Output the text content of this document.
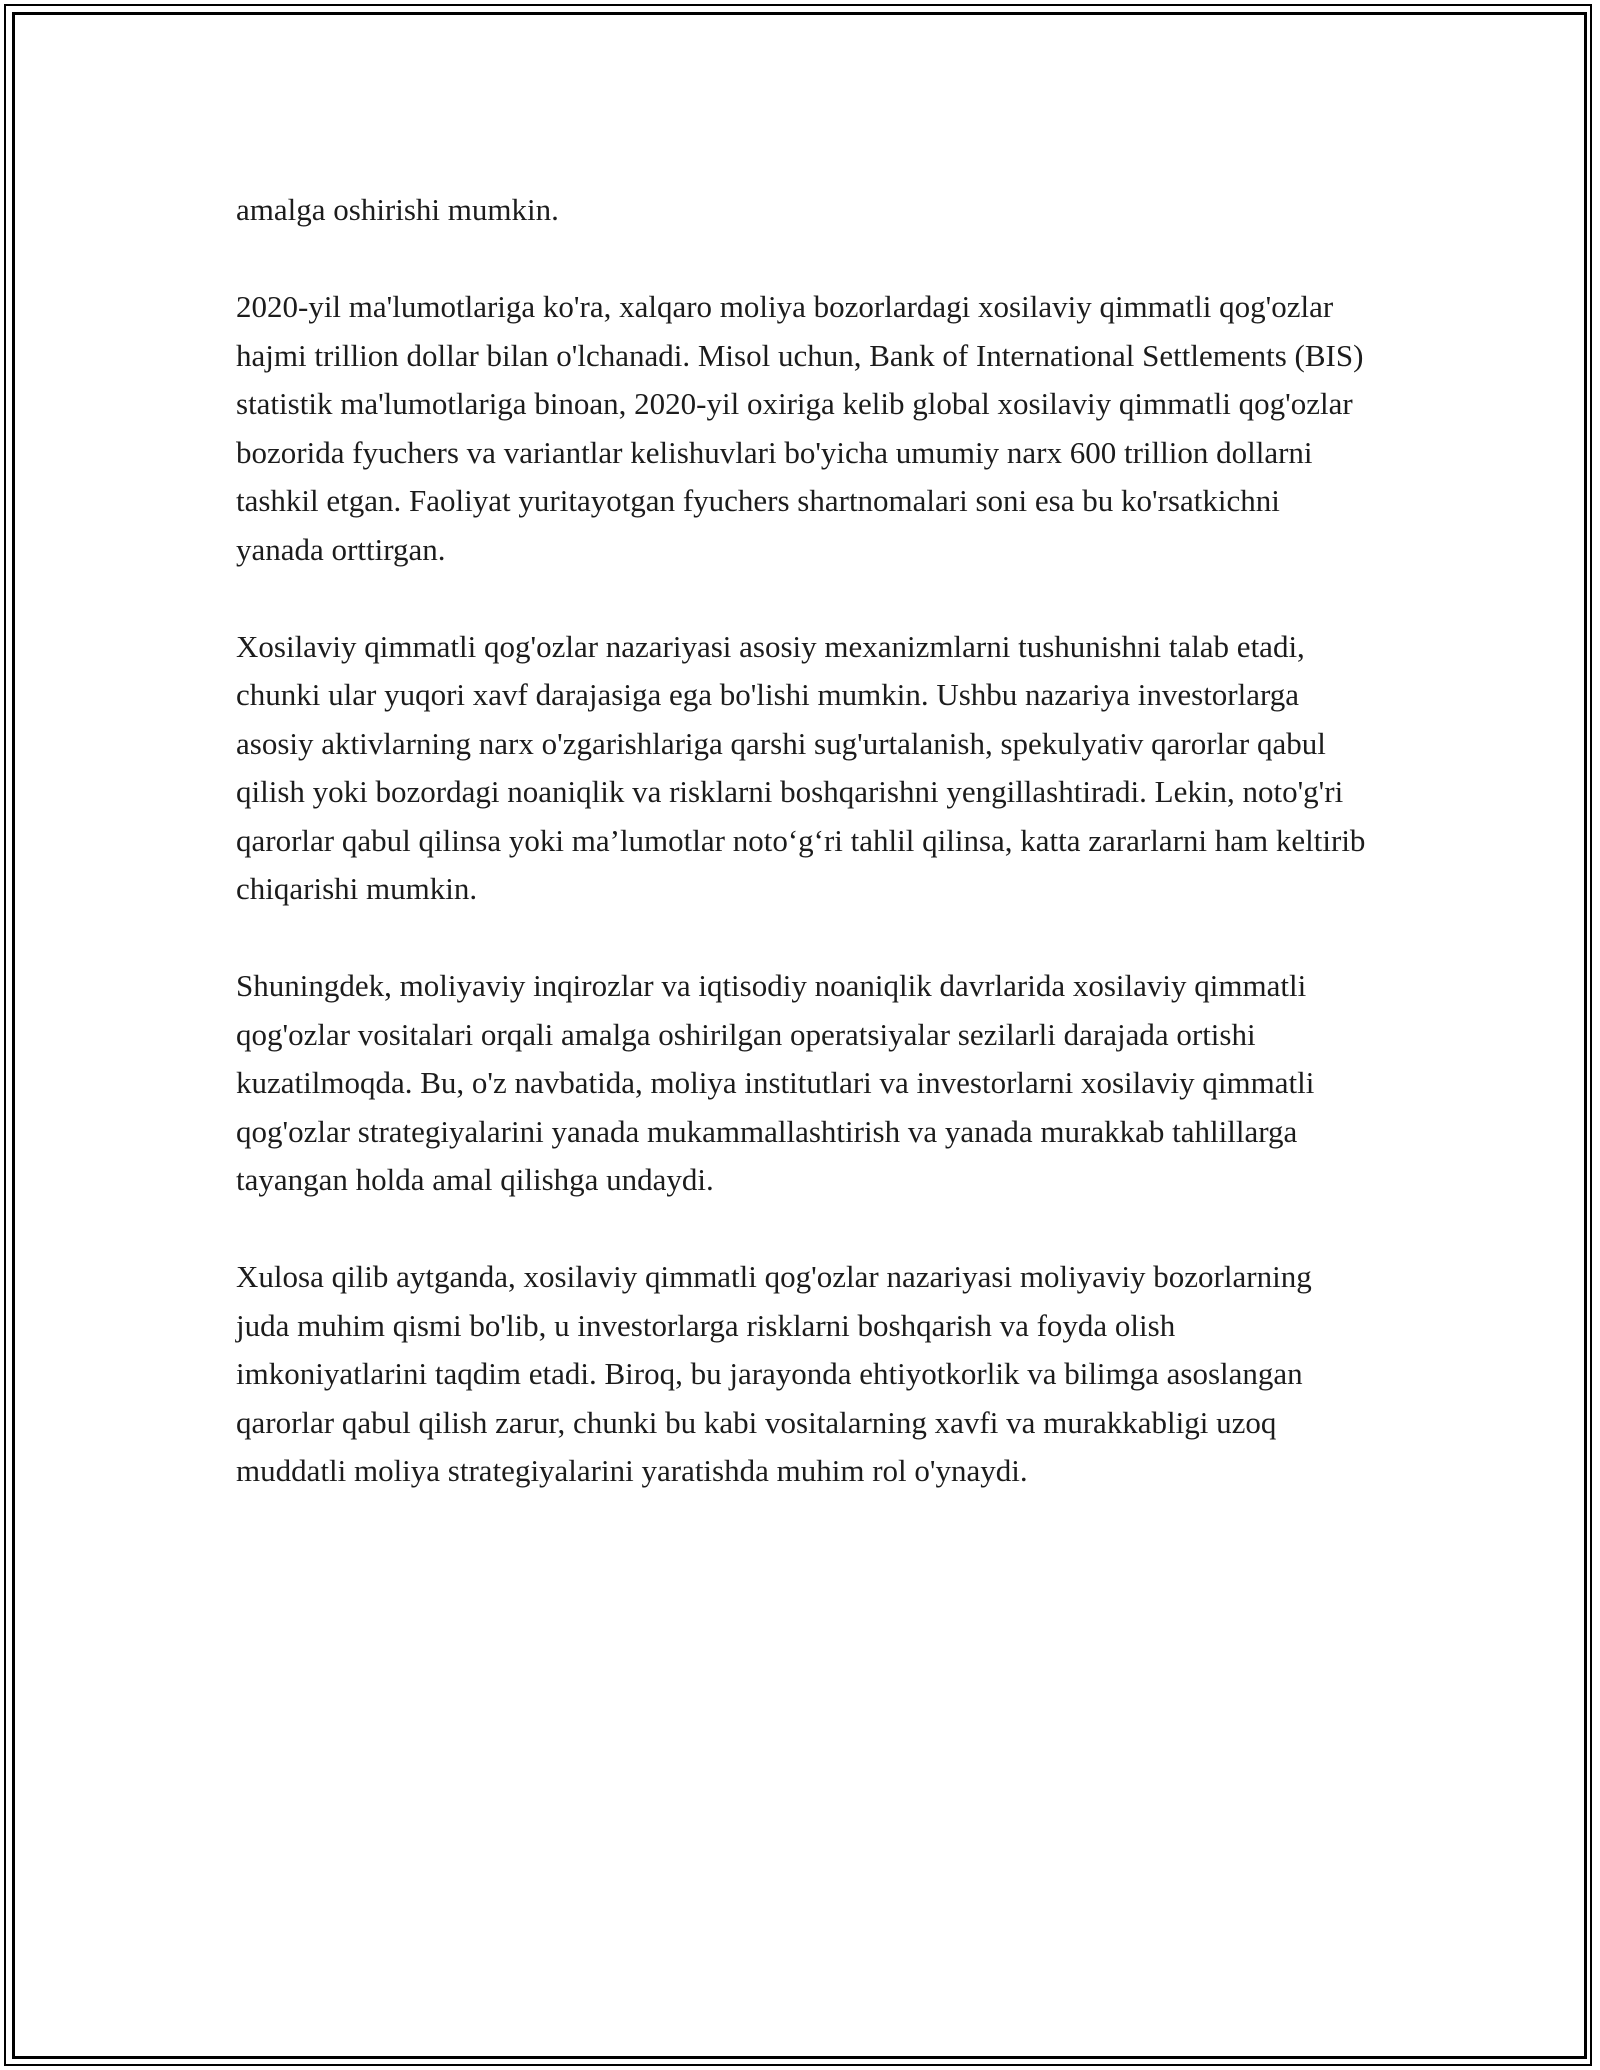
amalga oshirishi mumkin.

2020-yil ma'lumotlariga ko'ra, xalqaro moliya bozorlardagi xosilaviy qimmatli qog'ozlar hajmi trillion dollar bilan o'lchanadi. Misol uchun, Bank of International Settlements (BIS) statistik ma'lumotlariga binoan, 2020-yil oxiriga kelib global xosilaviy qimmatli qog'ozlar bozorida fyuchers va variantlar kelishuvlari bo'yicha umumiy narx 600 trillion dollarni tashkil etgan. Faoliyat yuritayotgan fyuchers shartnomalari soni esa bu ko'rsatkichni yanada orttirgan.

Xosilaviy qimmatli qog'ozlar nazariyasi asosiy mexanizmlarni tushunishni talab etadi, chunki ular yuqori xavf darajasiga ega bo'lishi mumkin. Ushbu nazariya investorlarga asosiy aktivlarning narx o'zgarishlariga qarshi sug'urtalanish, spekulyativ qarorlar qabul qilish yoki bozordagi noaniqlik va risklarni boshqarishni yengillashtiradi. Lekin, noto'g'ri qarorlar qabul qilinsa yoki ma’lumotlar noto‘g‘ri tahlil qilinsa, katta zararlarni ham keltirib chiqarishi mumkin.

Shuningdek, moliyaviy inqirozlar va iqtisodiy noaniqlik davrlarida xosilaviy qimmatli qog'ozlar vositalari orqali amalga oshirilgan operatsiyalar sezilarli darajada ortishi kuzatilmoqda. Bu, o'z navbatida, moliya institutlari va investorlarni xosilaviy qimmatli qog'ozlar strategiyalarini yanada mukammallashtirish va yanada murakkab tahlillarga tayangan holda amal qilishga undaydi.

Xulosa qilib aytganda, xosilaviy qimmatli qog'ozlar nazariyasi moliyaviy bozorlarning juda muhim qismi bo'lib, u investorlarga risklarni boshqarish va foyda olish imkoniyatlarini taqdim etadi. Biroq, bu jarayonda ehtiyotkorlik va bilimga asoslangan qarorlar qabul qilish zarur, chunki bu kabi vositalarning xavfi va murakkabligi uzoq muddatli moliya strategiyalarini yaratishda muhim rol o'ynaydi.
